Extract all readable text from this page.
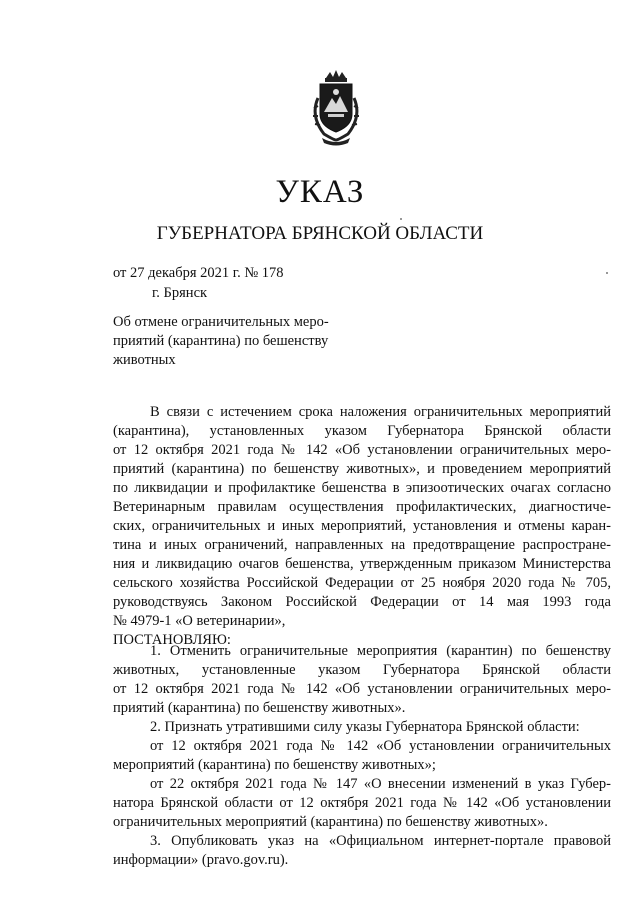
УКАЗ
ГУБЕРНАТОРА БРЯНСКОЙ ОБЛАСТИ
от 27 декабря 2021 г. № 178
г. Брянск
Об отмене ограничительных меро-
приятий (карантина) по бешенству
животных
В связи с истечением срока наложения ограничительных мероприятий
(карантина), установленных указом Губернатора Брянской области
от 12 октября 2021 года № 142 «Об установлении ограничительных меро-
приятий (карантина) по бешенству животных», и проведением мероприятий
по ликвидации и профилактике бешенства в эпизоотических очагах согласно
Ветеринарным правилам осуществления профилактических, диагностиче-
ских, ограничительных и иных мероприятий, установления и отмены каран-
тина и иных ограничений, направленных на предотвращение распростране-
ния и ликвидацию очагов бешенства, утвержденным приказом Министерства
сельского хозяйства Российской Федерации от 25 ноября 2020 года № 705,
руководствуясь Законом Российской Федерации от 14 мая 1993 года
№ 4979-1 «О ветеринарии»,
ПОСТАНОВЛЯЮ:
1. Отменить ограничительные мероприятия (карантин) по бешенству
животных, установленные указом Губернатора Брянской области
от 12 октября 2021 года № 142 «Об установлении ограничительных меро-
приятий (карантина) по бешенству животных».
2. Признать утратившими силу указы Губернатора Брянской области:
от 12 октября 2021 года № 142 «Об установлении ограничительных
мероприятий (карантина) по бешенству животных»;
от 22 октября 2021 года № 147 «О внесении изменений в указ Губер-
натора Брянской области от 12 октября 2021 года № 142 «Об установлении
ограничительных мероприятий (карантина) по бешенству животных».
3. Опубликовать указ на «Официальном интернет-портале правовой
информации» (pravo.gov.ru).
